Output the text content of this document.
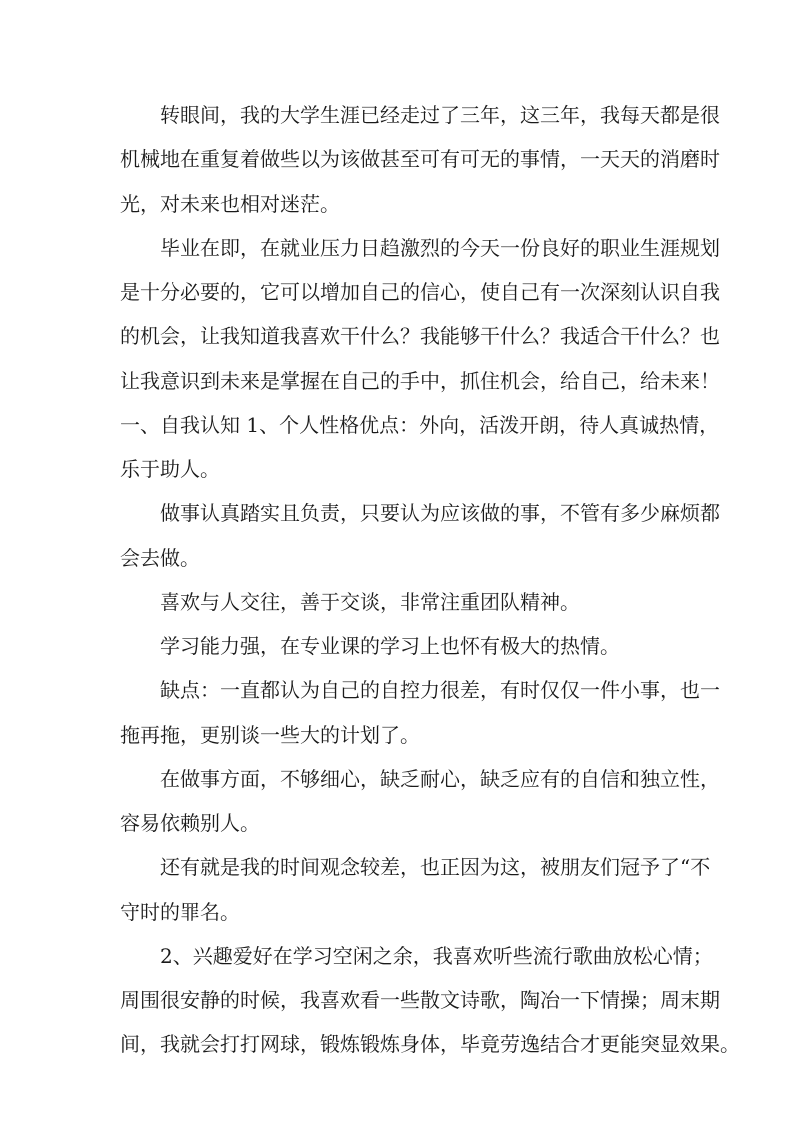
转眼间，我的大学生涯已经走过了三年，这三年，我每天都是很
机械地在重复着做些以为该做甚至可有可无的事情，一天天的消磨时
光，对未来也相对迷茫。
毕业在即，在就业压力日趋激烈的今天一份良好的职业生涯规划
是十分必要的，它可以增加自己的信心，使自己有一次深刻认识自我
的机会，让我知道我喜欢干什么？我能够干什么？我适合干什么？也
让我意识到未来是掌握在自己的手中，抓住机会，给自己，给未来！
一、自我认知 1、个人性格优点：外向，活泼开朗，待人真诚热情，
乐于助人。
做事认真踏实且负责，只要认为应该做的事，不管有多少麻烦都
会去做。
喜欢与人交往，善于交谈，非常注重团队精神。
学习能力强，在专业课的学习上也怀有极大的热情。
缺点：一直都认为自己的自控力很差，有时仅仅一件小事，也一
拖再拖，更别谈一些大的计划了。
在做事方面，不够细心，缺乏耐心，缺乏应有的自信和独立性，
容易依赖别人。
还有就是我的时间观念较差，也正因为这，被朋友们冠予了“不
守时的罪名。
2、兴趣爱好在学习空闲之余，我喜欢听些流行歌曲放松心情；
周围很安静的时候，我喜欢看一些散文诗歌，陶冶一下情操；周末期
间，我就会打打网球，锻炼锻炼身体，毕竟劳逸结合才更能突显效果。
